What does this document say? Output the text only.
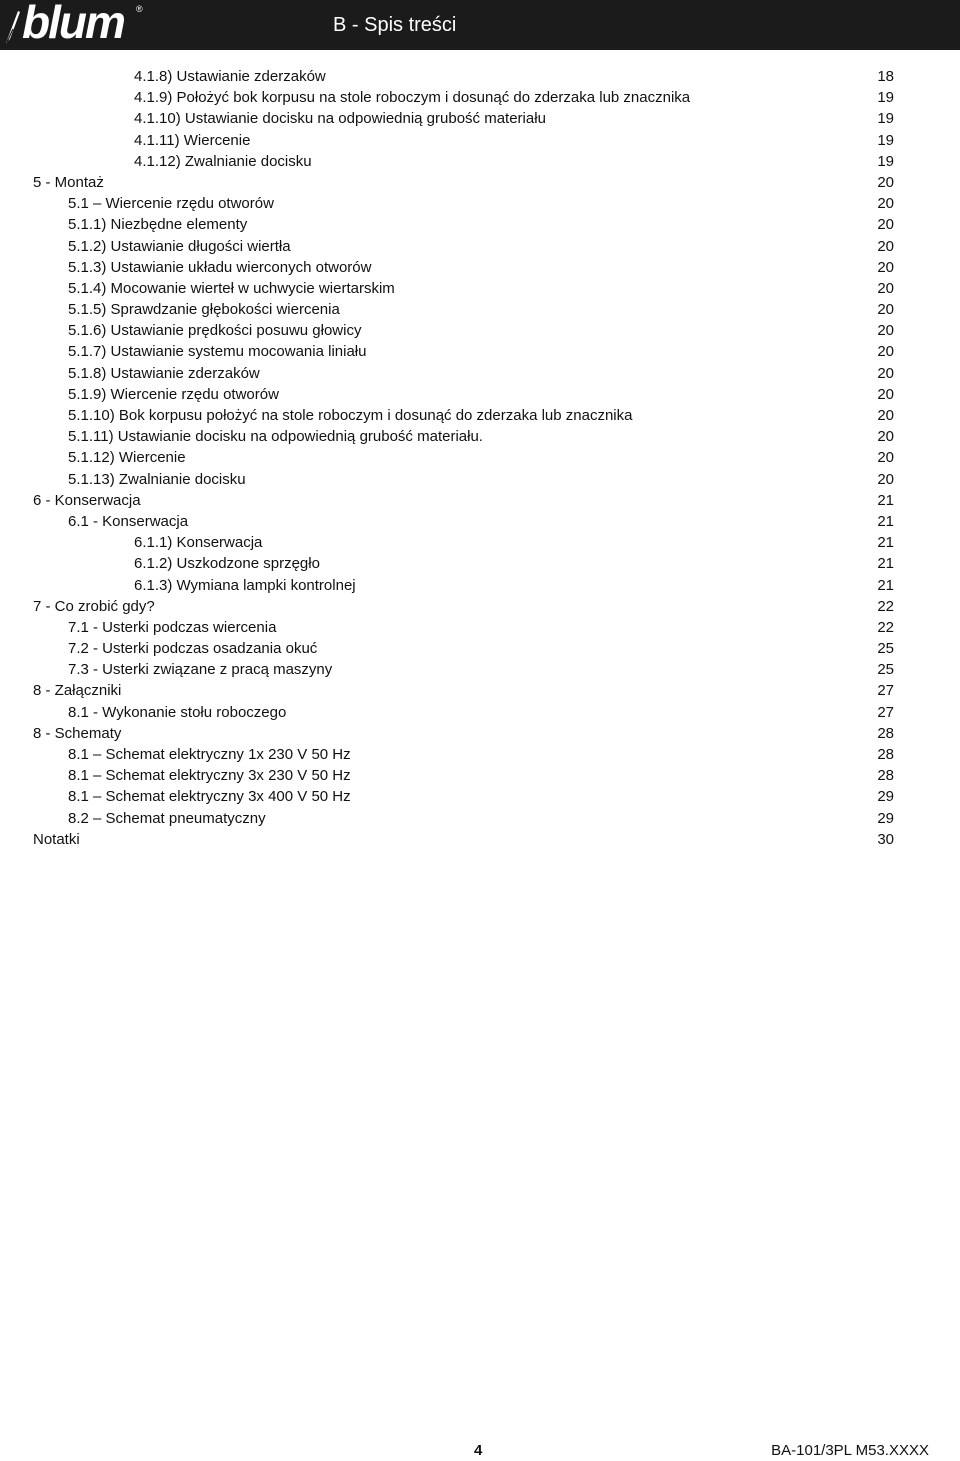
blum ®
B - Spis treści
4.1.8) Ustawianie zderzaków	18
4.1.9) Położyć bok korpusu na stole roboczym i dosunąć do zderzaka lub znacznika	19
4.1.10) Ustawianie docisku na odpowiednią grubość materiału	19
4.1.11) Wiercenie	19
4.1.12) Zwalnianie docisku	19
5 - Montaż	20
5.1 – Wiercenie rzędu otworów	20
5.1.1) Niezbędne elementy	20
5.1.2) Ustawianie długości wiertła	20
5.1.3) Ustawianie układu wierconych otworów	20
5.1.4) Mocowanie wierteł w uchwycie wiertarskim	20
5.1.5) Sprawdzanie głębokości wiercenia	20
5.1.6) Ustawianie prędkości posuwu głowicy	20
5.1.7) Ustawianie systemu mocowania liniału	20
5.1.8) Ustawianie zderzaków	20
5.1.9) Wiercenie rzędu otworów	20
5.1.10) Bok korpusu położyć na stole roboczym i dosunąć do zderzaka lub znacznika	20
5.1.11) Ustawianie docisku na odpowiednią grubość materiału.	20
5.1.12) Wiercenie	20
5.1.13) Zwalnianie docisku	20
6 - Konserwacja	21
6.1 - Konserwacja	21
6.1.1) Konserwacja	21
6.1.2) Uszkodzone sprzęgło	21
6.1.3) Wymiana lampki kontrolnej	21
7 - Co zrobić gdy?	22
7.1 - Usterki podczas wiercenia	22
7.2 - Usterki podczas osadzania okuć	25
7.3 - Usterki związane z pracą maszyny	25
8 - Załączniki	27
8.1 - Wykonanie stołu roboczego	27
8 - Schematy	28
8.1 – Schemat elektryczny 1x 230 V 50 Hz	28
8.1 – Schemat elektryczny 3x 230 V 50 Hz	28
8.1 – Schemat elektryczny 3x 400 V 50 Hz	29
8.2 – Schemat pneumatyczny	29
Notatki	30
4	BA-101/3PL M53.XXXX
